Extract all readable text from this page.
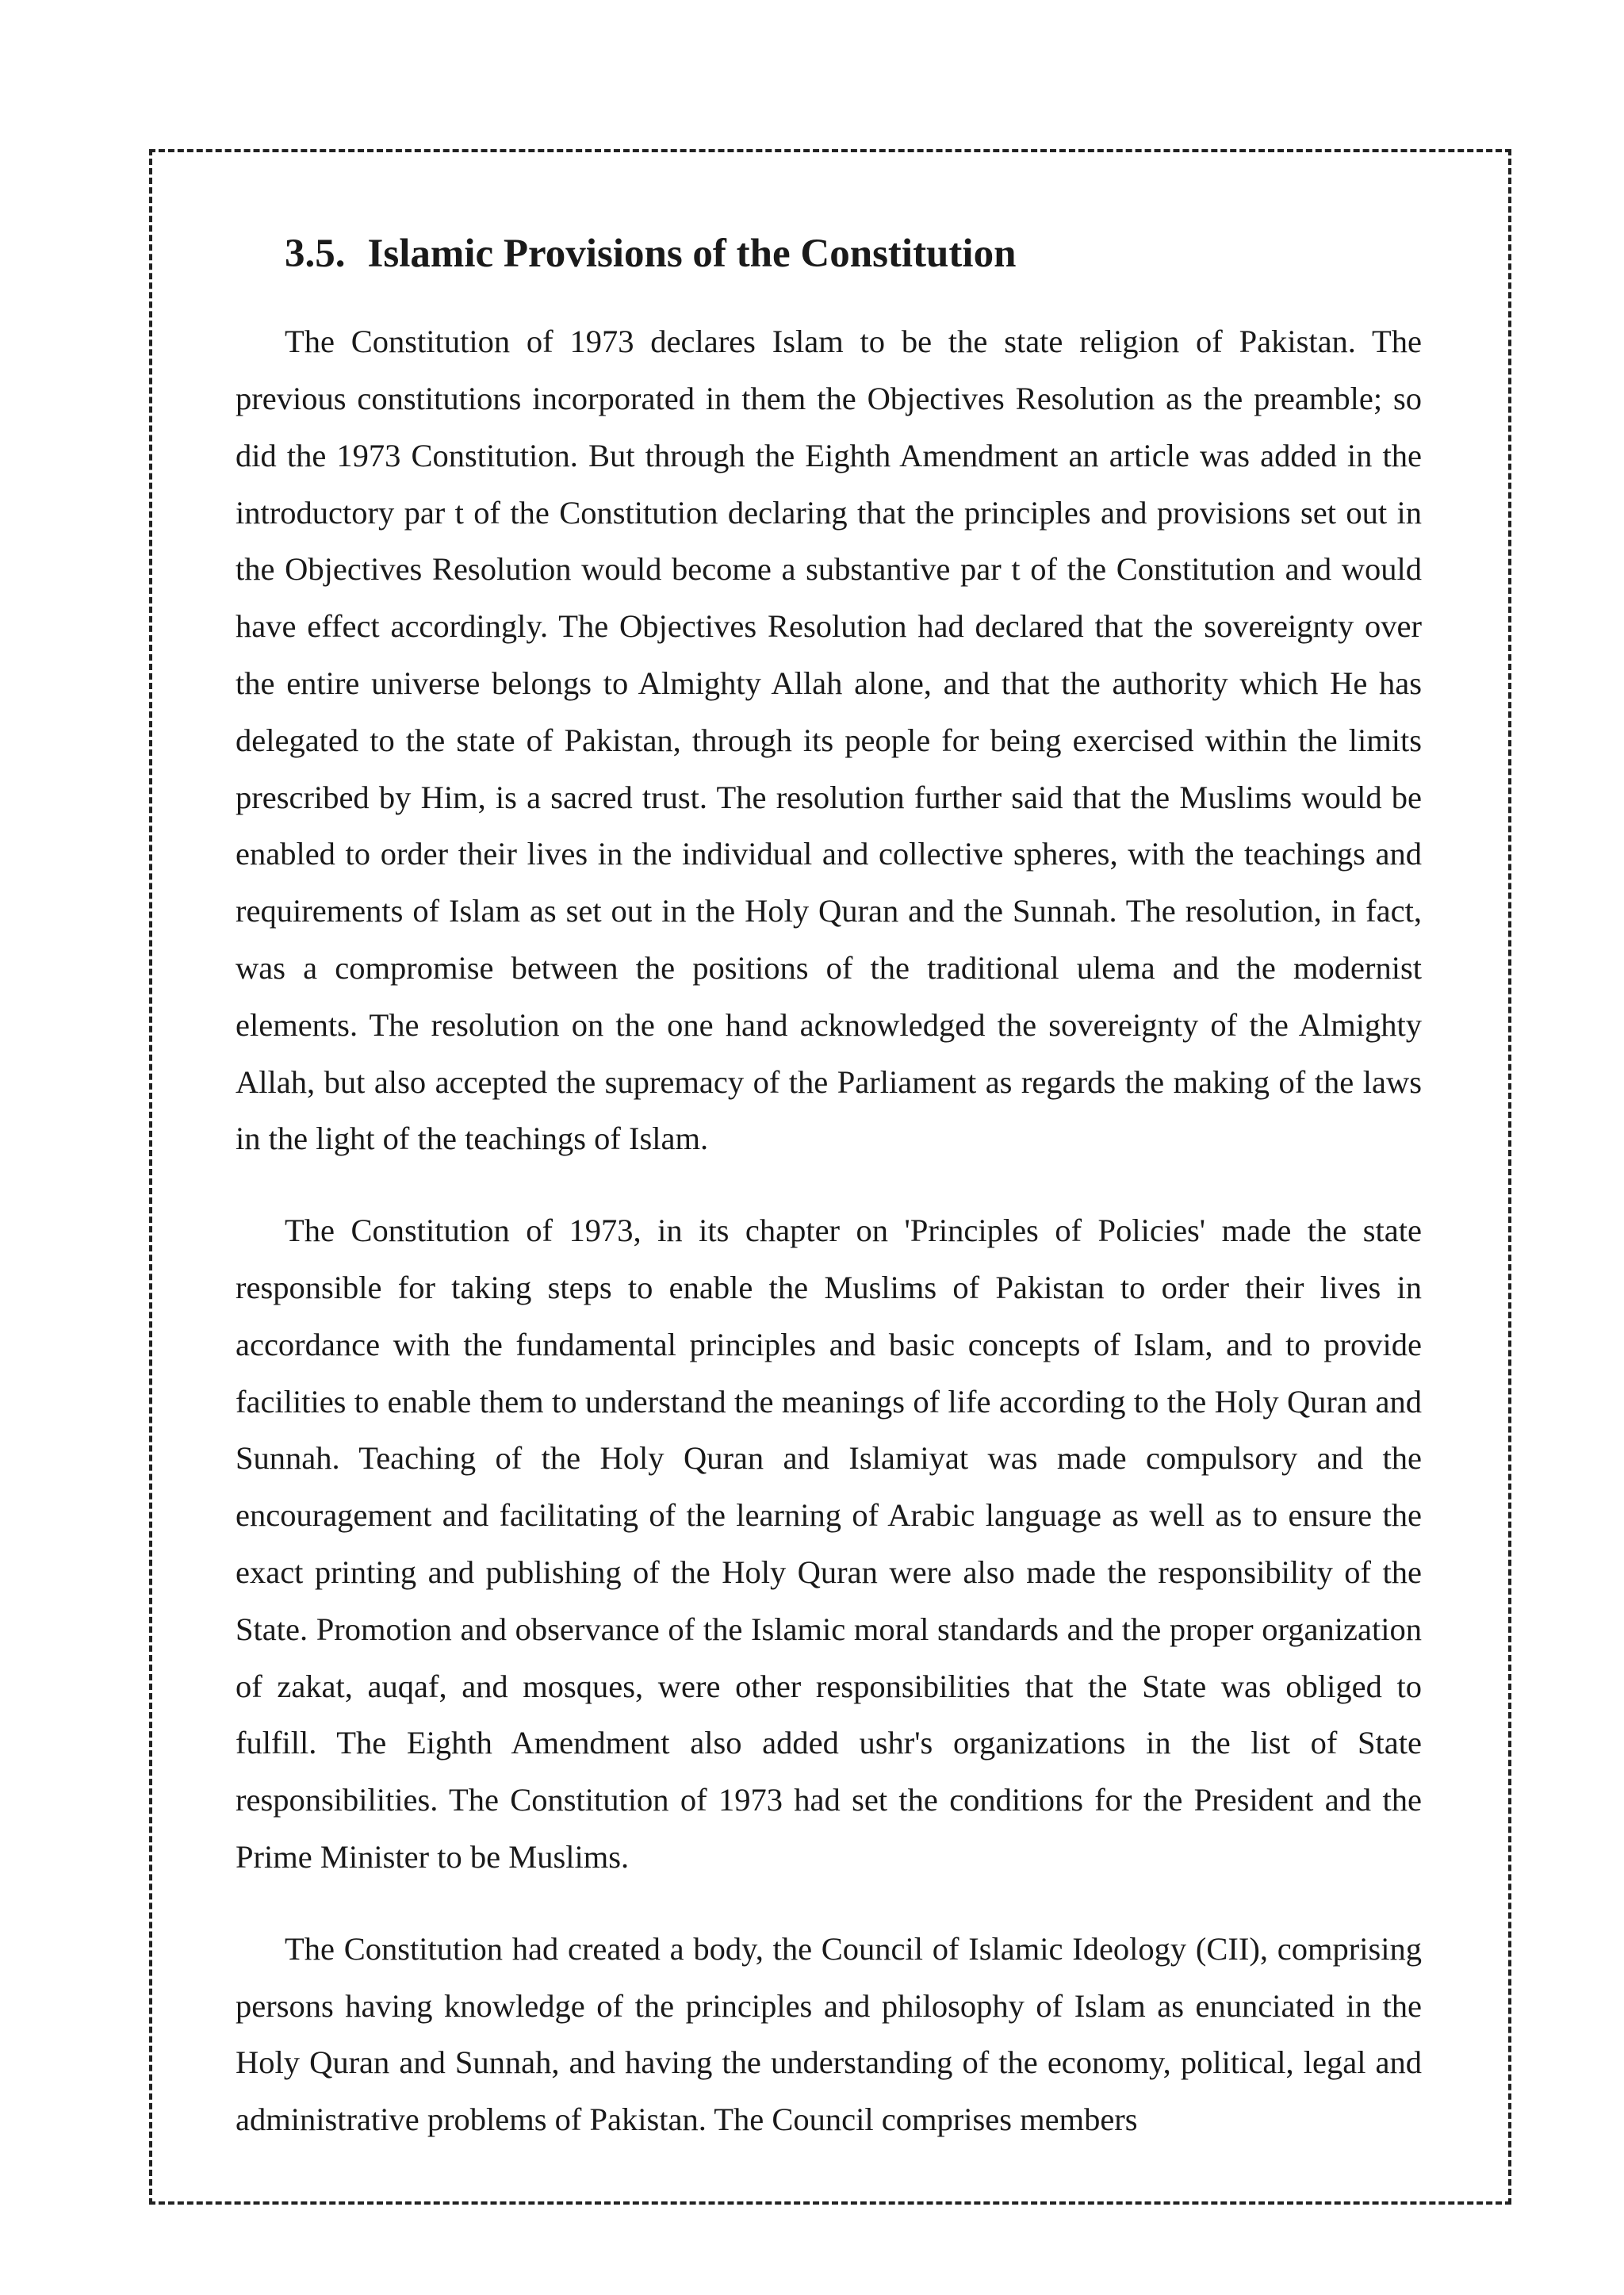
3.5. Islamic Provisions of the Constitution

The Constitution of 1973 declares Islam to be the state religion of Pakistan. The previous constitutions incorporated in them the Objectives Resolution as the preamble; so did the 1973 Constitution. But through the Eighth Amendment an article was added in the introductory par t of the Constitution declaring that the principles and provisions set out in the Objectives Resolution would become a substantive par t of the Constitution and would have effect accordingly. The Objectives Resolution had declared that the sovereignty over the entire universe belongs to Almighty Allah alone, and that the authority which He has delegated to the state of Pakistan, through its people for being exercised within the limits prescribed by Him, is a sacred trust. The resolution further said that the Muslims would be enabled to order their lives in the individual and collective spheres, with the teachings and requirements of Islam as set out in the Holy Quran and the Sunnah. The resolution, in fact, was a compromise between the positions of the traditional ulema and the modernist elements. The resolution on the one hand acknowledged the sovereignty of the Almighty Allah, but also accepted the supremacy of the Parliament as regards the making of the laws in the light of the teachings of Islam.

The Constitution of 1973, in its chapter on 'Principles of Policies' made the state responsible for taking steps to enable the Muslims of Pakistan to order their lives in accordance with the fundamental principles and basic concepts of Islam, and to provide facilities to enable them to understand the meanings of life according to the Holy Quran and Sunnah. Teaching of the Holy Quran and Islamiyat was made compulsory and the encouragement and facilitating of the learning of Arabic language as well as to ensure the exact printing and publishing of the Holy Quran were also made the responsibility of the State. Promotion and observance of the Islamic moral standards and the proper organization of zakat, auqaf, and mosques, were other responsibilities that the State was obliged to fulfill. The Eighth Amendment also added ushr's organizations in the list of State responsibilities. The Constitution of 1973 had set the conditions for the President and the Prime Minister to be Muslims.

The Constitution had created a body, the Council of Islamic Ideology (CII), comprising persons having knowledge of the principles and philosophy of Islam as enunciated in the Holy Quran and Sunnah, and having the understanding of the economy, political, legal and administrative problems of Pakistan. The Council comprises members
